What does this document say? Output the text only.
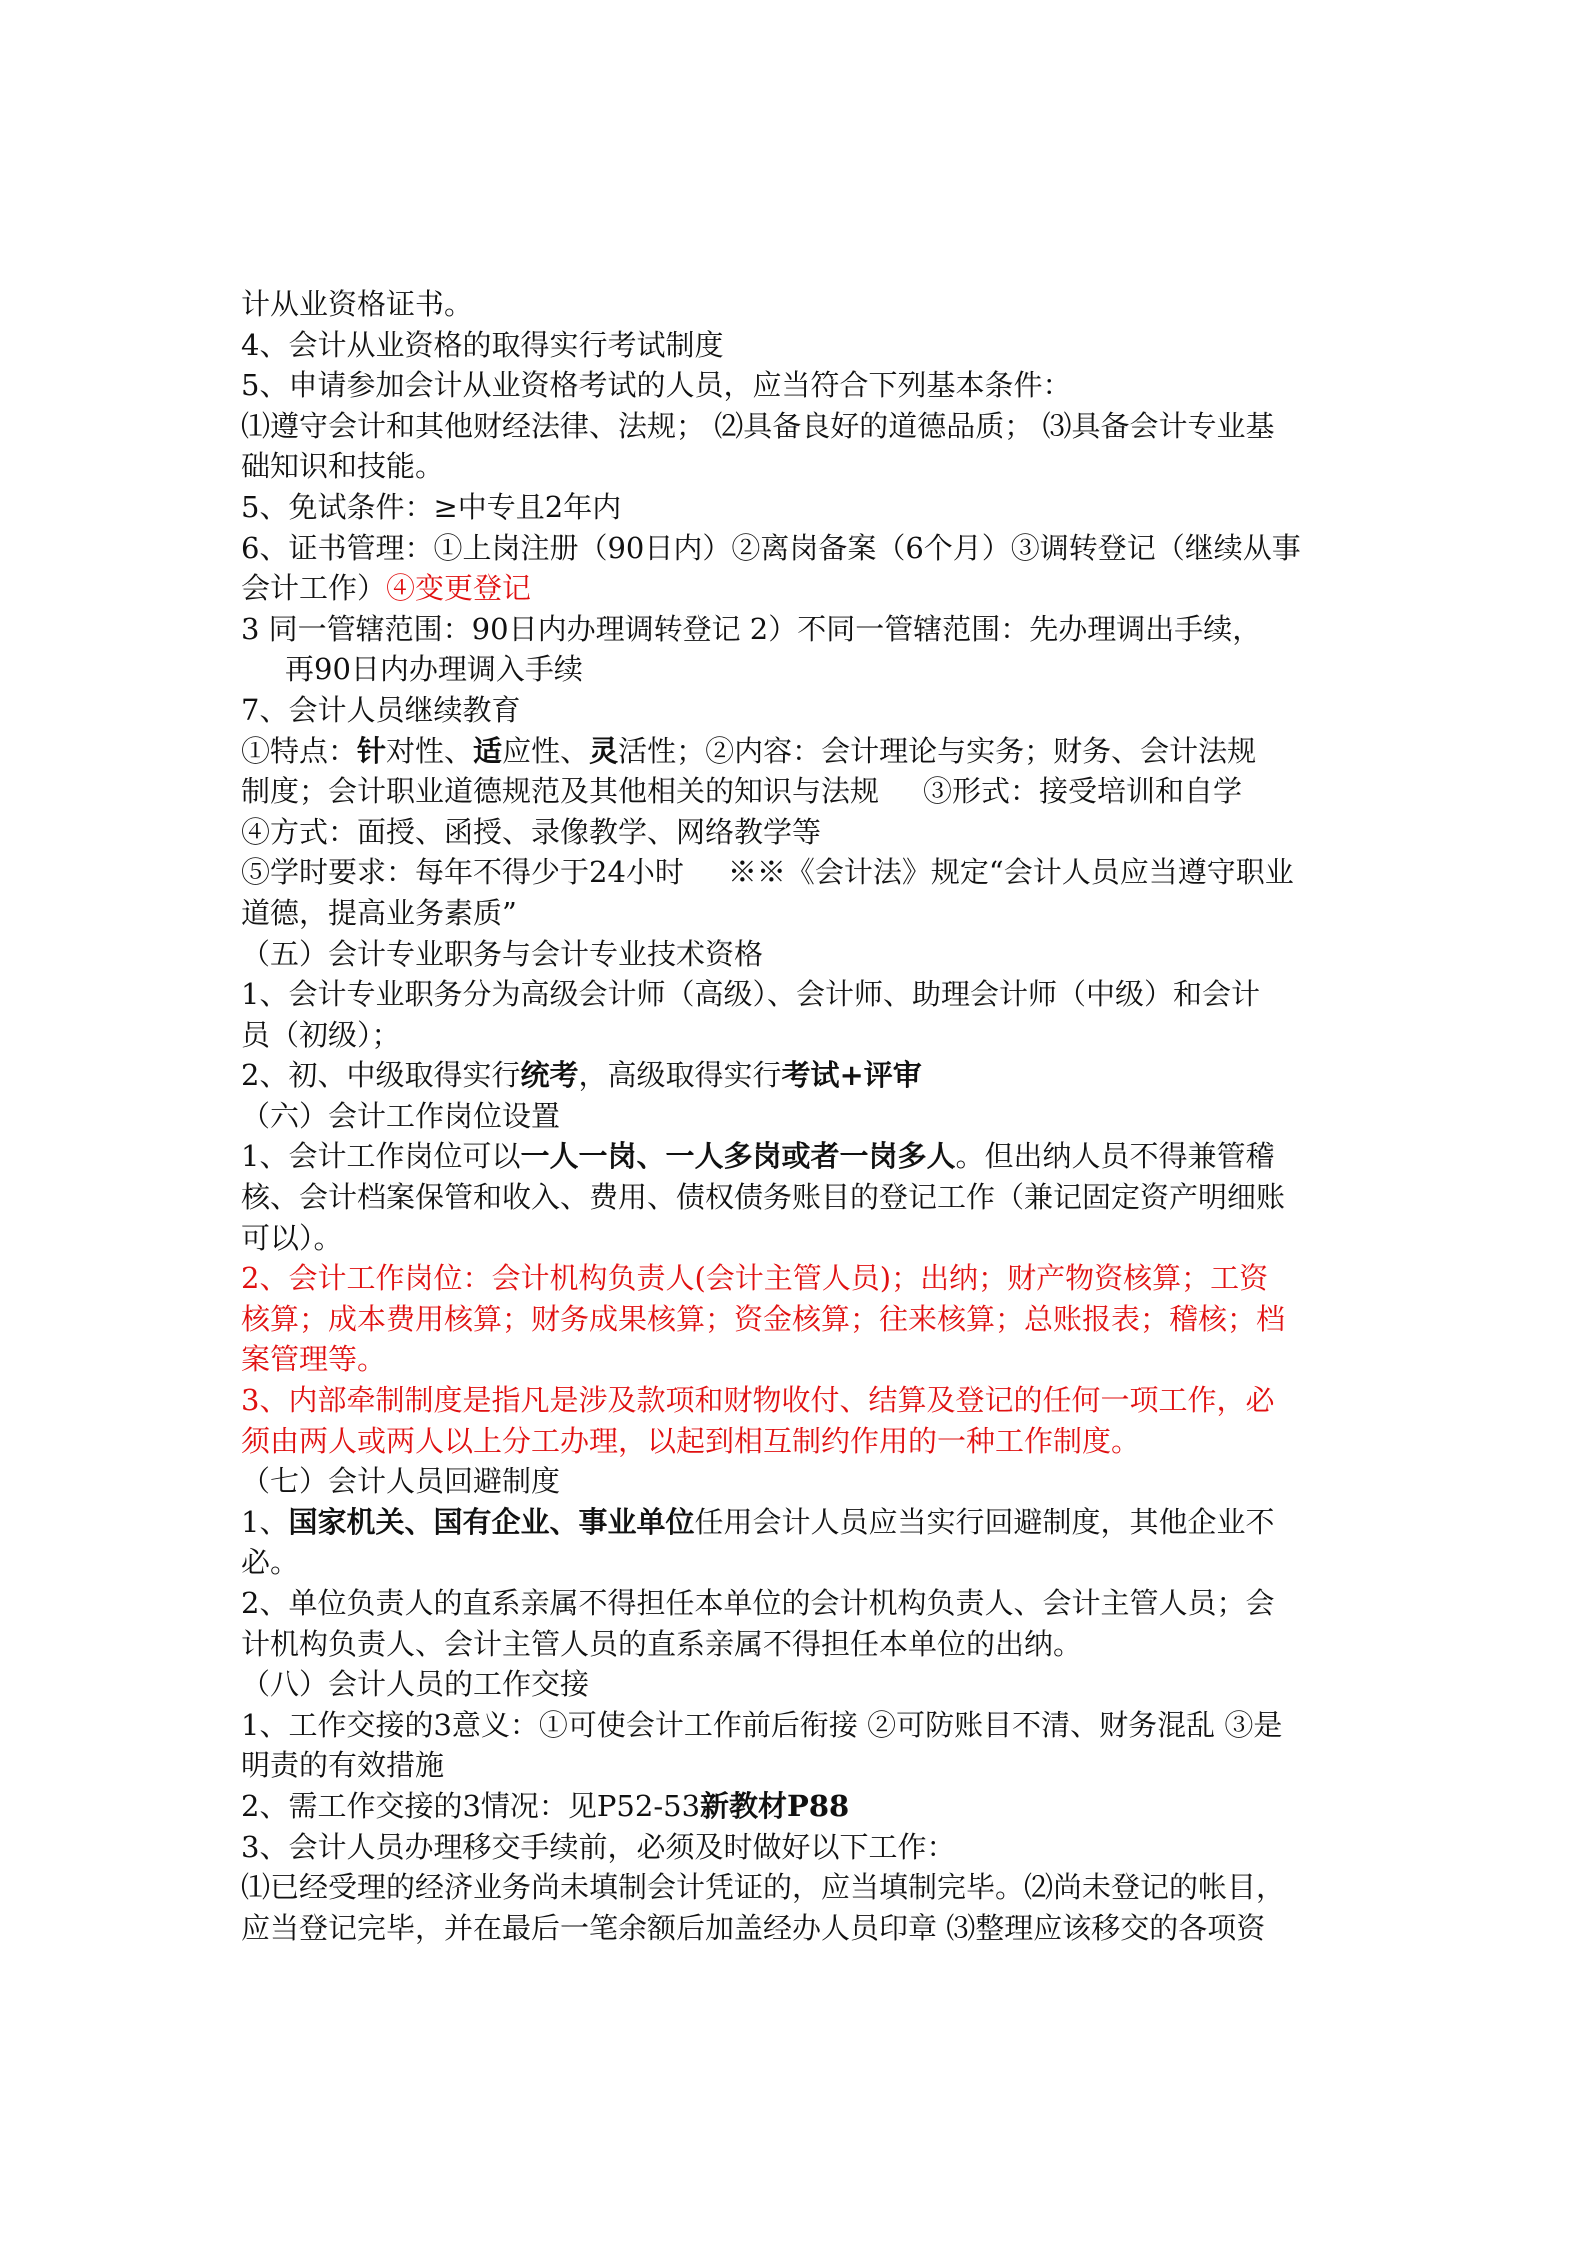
计从业资格证书。
4、会计从业资格的取得实行考试制度
5、申请参加会计从业资格考试的人员，应当符合下列基本条件：
⑴遵守会计和其他财经法律、法规； ⑵具备良好的道德品质； ⑶具备会计专业基
础知识和技能。
5、免试条件：≥中专且2年内
6、证书管理：①上岗注册（90日内）②离岗备案（6个月）③调转登记（继续从事
会计工作）④变更登记
3 同一管辖范围：90日内办理调转登记 2）不同一管辖范围：先办理调出手续，
再90日内办理调入手续
7、会计人员继续教育
①特点：针对性、适应性、灵活性；②内容：会计理论与实务；财务、会计法规
制度；会计职业道德规范及其他相关的知识与法规 ③形式：接受培训和自学
④方式：面授、函授、录像教学、网络教学等
⑤学时要求：每年不得少于24小时 ※※《会计法》规定“会计人员应当遵守职业
道德，提高业务素质”
（五）会计专业职务与会计专业技术资格
1、会计专业职务分为高级会计师（高级）、会计师、助理会计师（中级）和会计
员（初级）；
2、初、中级取得实行统考，高级取得实行考试+评审
（六）会计工作岗位设置
1、会计工作岗位可以一人一岗、一人多岗或者一岗多人。但出纳人员不得兼管稽
核、会计档案保管和收入、费用、债权债务账目的登记工作（兼记固定资产明细账
可以）。
2、会计工作岗位：会计机构负责人(会计主管人员)；出纳；财产物资核算；工资
核算；成本费用核算；财务成果核算；资金核算；往来核算；总账报表；稽核；档
案管理等。
3、内部牵制制度是指凡是涉及款项和财物收付、结算及登记的任何一项工作，必
须由两人或两人以上分工办理，以起到相互制约作用的一种工作制度。
（七）会计人员回避制度
1、国家机关、国有企业、事业单位任用会计人员应当实行回避制度，其他企业不
必。
2、单位负责人的直系亲属不得担任本单位的会计机构负责人、会计主管人员；会
计机构负责人、会计主管人员的直系亲属不得担任本单位的出纳。
（八）会计人员的工作交接
1、工作交接的3意义：①可使会计工作前后衔接 ②可防账目不清、财务混乱 ③是
明责的有效措施
2、需工作交接的3情况：见P52-53新教材P88
3、会计人员办理移交手续前，必须及时做好以下工作：
⑴已经受理的经济业务尚未填制会计凭证的，应当填制完毕。⑵尚未登记的帐目，
应当登记完毕，并在最后一笔余额后加盖经办人员印章 ⑶整理应该移交的各项资
